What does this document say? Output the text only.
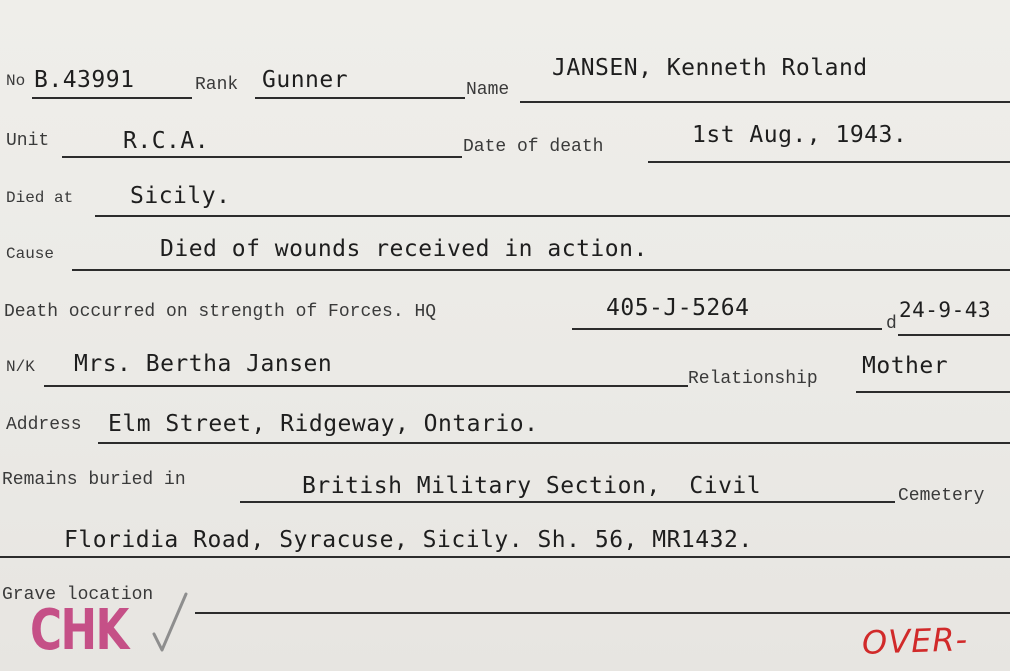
No B.43991	Rank Gunner	Name
JANSEN, Kenneth Roland
Unit	R.C.A.	Date of death	1st Aug., 1943.
Died at Sicily.
Cause	Died of wounds received in action.
Death occurred on strength of Forces. HQ	405-J-5264
d
24-9-43
N/K Mrs. Bertha Jansen
Relationship Mother
Address Elm Street, Ridgeway, Ontario.
Remains buried in	British Military Section,  Civil	Cemetery
Floridia Road, Syracuse, Sicily. Sh. 56, MR1432.
Grave location
CHK	OVER-
